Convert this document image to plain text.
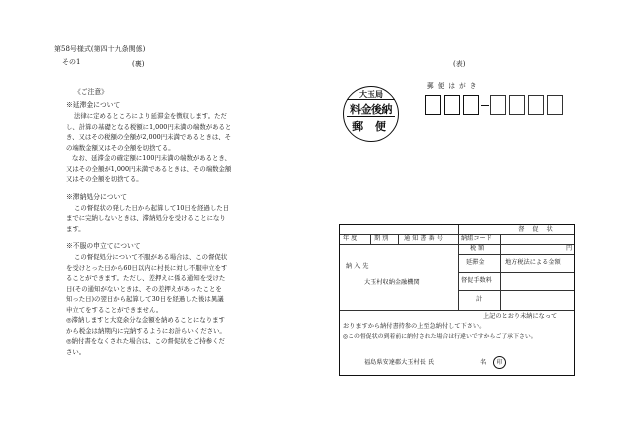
第58号様式(第四十九条関係)
その1	(裏)
《ご注意》
※延滞金について
法律に定めるところにより延滞金を徴収します。ただ
し、計算の基礎となる税額に1,000円未満の端数があると
き、又はその税額の全額が2,000円未満であるときは、そ
の端数金額又はその全額を切捨てる。
なお、延滞金の確定額に100円未満の端数があるとき、
又はその全額が1,000円未満であるときは、その端数金額
又はその全額を切捨てる。
※滞納処分について
この督促状の発した日から起算して10日を経過した日
までに完納しないときは、滞納処分を受けることになり
ます。
※不服の申立てについて
この督促処分について不服がある場合は、この督促状
を受けとった日から60日以内に村長に対し不服申立をす
ることができます。ただし、差押えに係る通知を受けた
日(その通知がないときは、その差押えがあったことを
知った日)の翌日から起算して30日を経過した後は異議
申立てをすることができません。
◎滞納しますと大変余分な金額を納めることになります
から税金は納期内に完納するようにお計らいください。
◎納付書をなくされた場合は、この督促状をご持参くだ
さい。
(表)
郵 便 は が き
大玉局
料金後納
郵 便
督 促 状
年 度	期 別	通 知 書 番 号	納組コード
税 額	円
納 入 先
大玉村収納金融機関
延滞金	地方税法による金額
督促手数料
計
上記のとおり未納になって
おりますから納付書持参の上至急納付して下さい。
◎この督促状の到着前に納付された場合は行違いですからご了承下さい。
福島県安達郡大玉村長 氏	名	印
